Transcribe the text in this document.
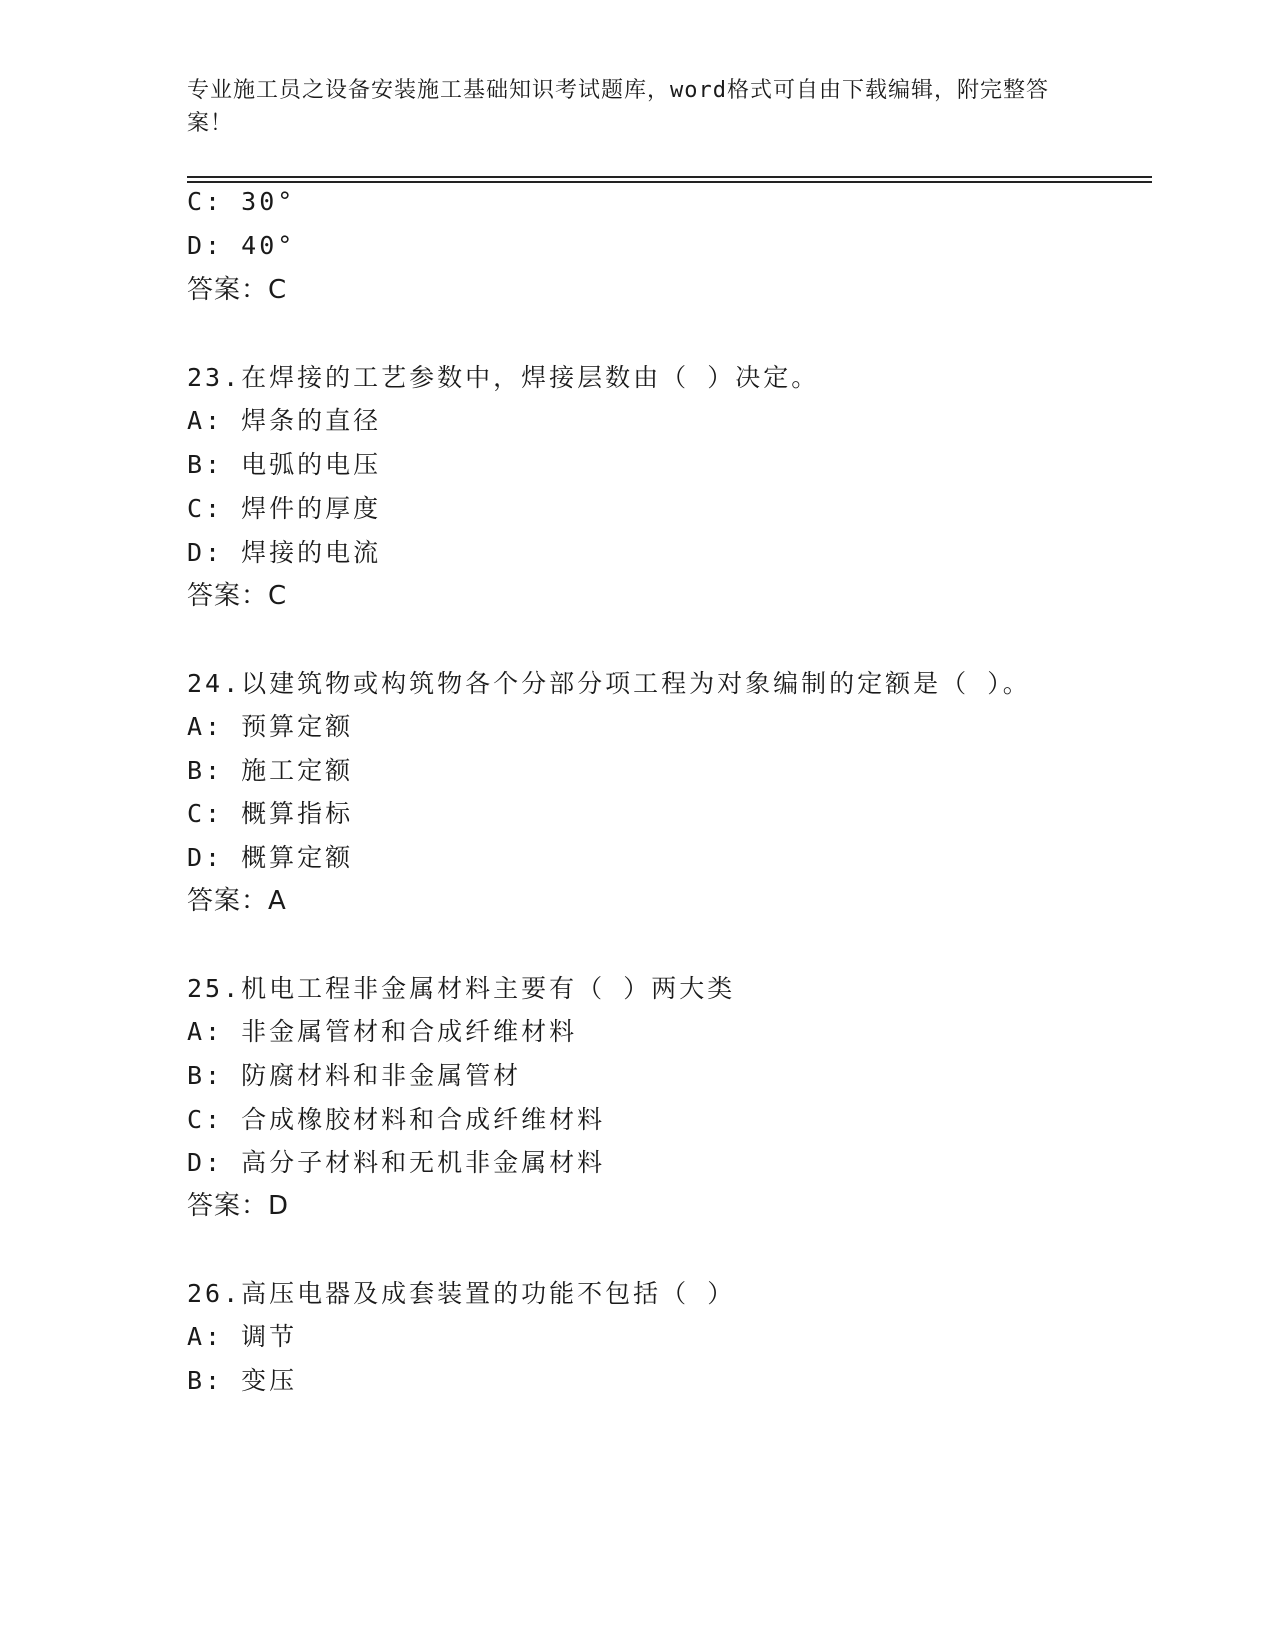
专业施工员之设备安装施工基础知识考试题库，word格式可自由下载编辑，附完整答案！
C: 30°
D: 40°
答案：C
23.在焊接的工艺参数中，焊接层数由（ ）决定。
A: 焊条的直径
B: 电弧的电压
C: 焊件的厚度
D: 焊接的电流
答案：C
24.以建筑物或构筑物各个分部分项工程为对象编制的定额是（ ）。
A: 预算定额
B: 施工定额
C: 概算指标
D: 概算定额
答案：A
25.机电工程非金属材料主要有（ ）两大类
A: 非金属管材和合成纤维材料
B: 防腐材料和非金属管材
C: 合成橡胶材料和合成纤维材料
D: 高分子材料和无机非金属材料
答案：D
26.高压电器及成套装置的功能不包括（ ）
A: 调节
B: 变压
